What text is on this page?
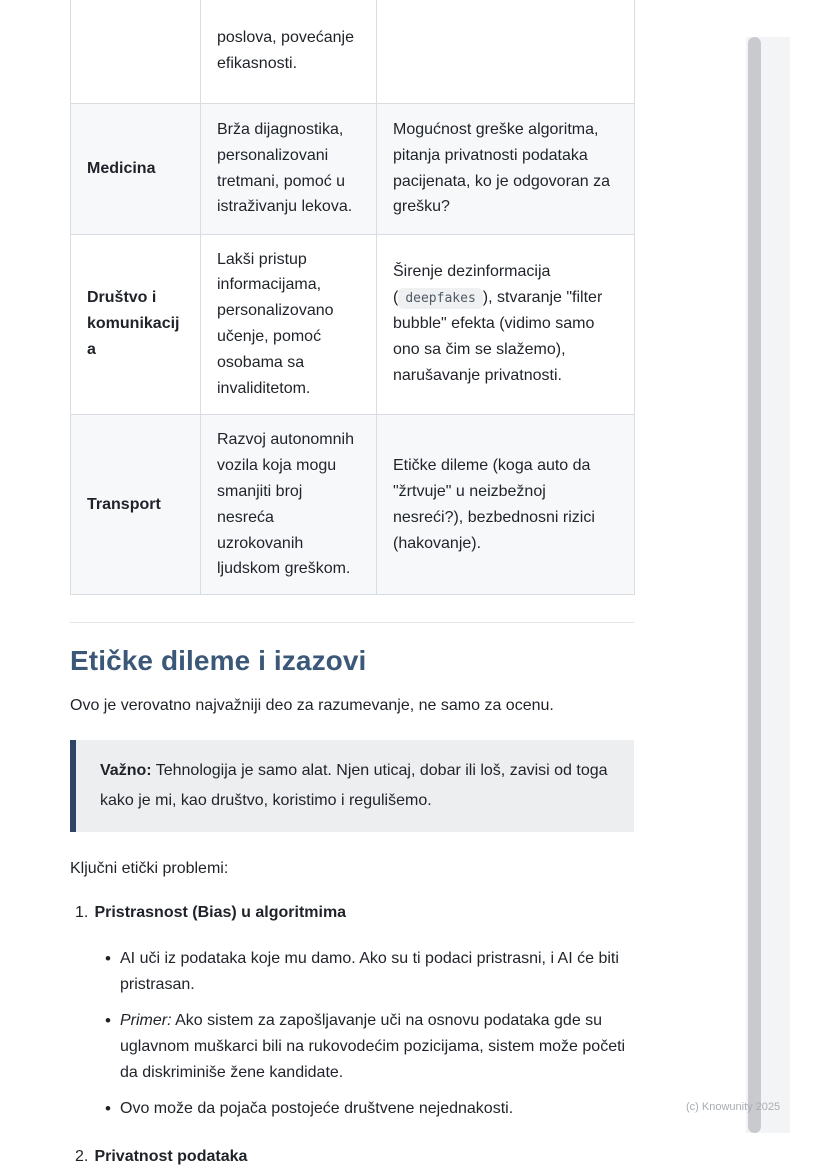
	poslova, povećanje efikasnosti.	
Medicina	Brža dijagnostika, personalizovani tretmani, pomoć u istraživanju lekova.	Mogućnost greške algoritma, pitanja privatnosti podataka pacijenata, ko je odgovoran za grešku?
Društvo i komunikacija	Lakši pristup informacijama, personalizovano učenje, pomoć osobama sa invaliditetom.	Širenje dezinformacija ( deepfakes ), stvaranje "filter bubble" efekta (vidimo samo ono sa čim se slažemo), narušavanje privatnosti.
Transport	Razvoj autonomnih vozila koja mogu smanjiti broj nesreća uzrokovanih ljudskom greškom.	Etičke dileme (koga auto da "žrtvuje" u neizbežnoj nesreći?), bezbednosni rizici (hakovanje).
Etičke dileme i izazovi

Ovo je verovatno najvažniji deo za razumevanje, ne samo za ocenu.

Važno: Tehnologija je samo alat. Njen uticaj, dobar ili loš, zavisi od toga kako je mi, kao društvo, koristimo i regulišemo.

Ključni etički problemi:

1. Pristrasnost (Bias) u algoritmima
• AI uči iz podataka koje mu damo. Ako su ti podaci pristrasni, i AI će biti pristrasan.
• Primer: Ako sistem za zapošljavanje uči na osnovu podataka gde su uglavnom muškarci bili na rukovodećim pozicijama, sistem može početi da diskriminiše žene kandidate.
• Ovo može da pojača postojeće društvene nejednakosti.
2. Privatnost podataka
(c) Knowunity 2025
